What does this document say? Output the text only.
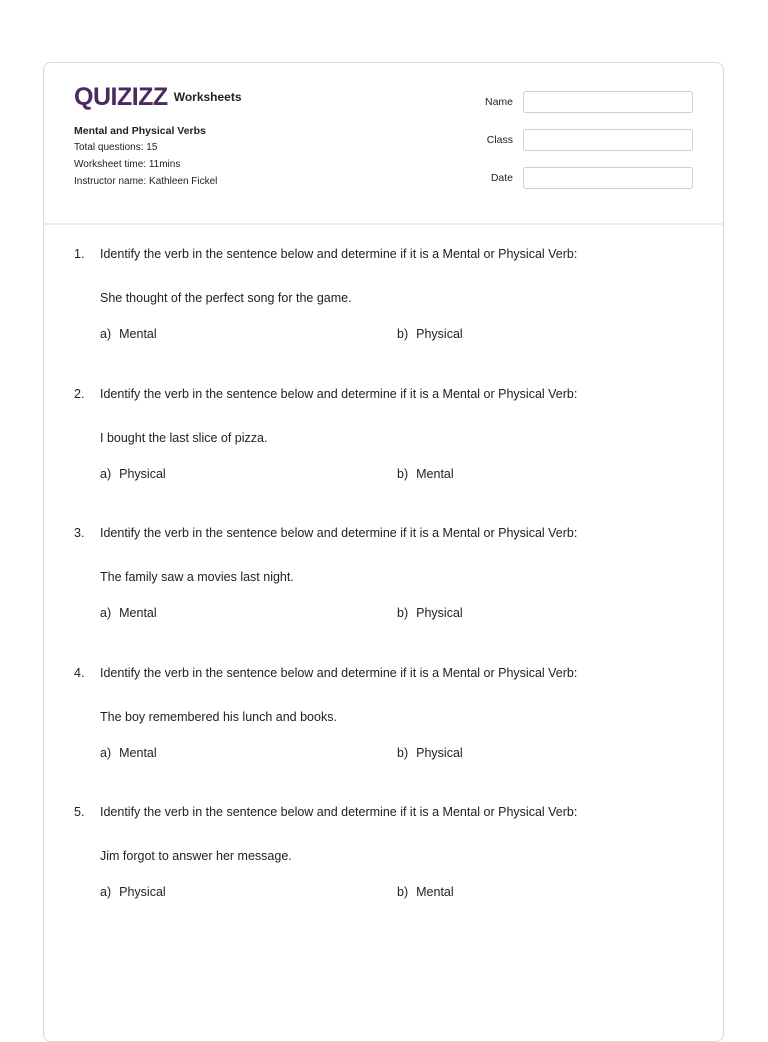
QUIZIZZ Worksheets
Mental and Physical Verbs
Total questions: 15
Worksheet time: 11mins
Instructor name: Kathleen Fickel
Name
Class
Date
1.	Identify the verb in the sentence below and determine if it is a Mental or Physical Verb:
She thought of the perfect song for the game.
a) Mental	b) Physical
2.	Identify the verb in the sentence below and determine if it is a Mental or Physical Verb:
I bought the last slice of pizza.
a) Physical	b) Mental
3.	Identify the verb in the sentence below and determine if it is a Mental or Physical Verb:
The family saw a movies last night.
a) Mental	b) Physical
4.	Identify the verb in the sentence below and determine if it is a Mental or Physical Verb:
The boy remembered his lunch and books.
a) Mental	b) Physical
5.	Identify the verb in the sentence below and determine if it is a Mental or Physical Verb:
Jim forgot to answer her message.
a) Physical	b) Mental
